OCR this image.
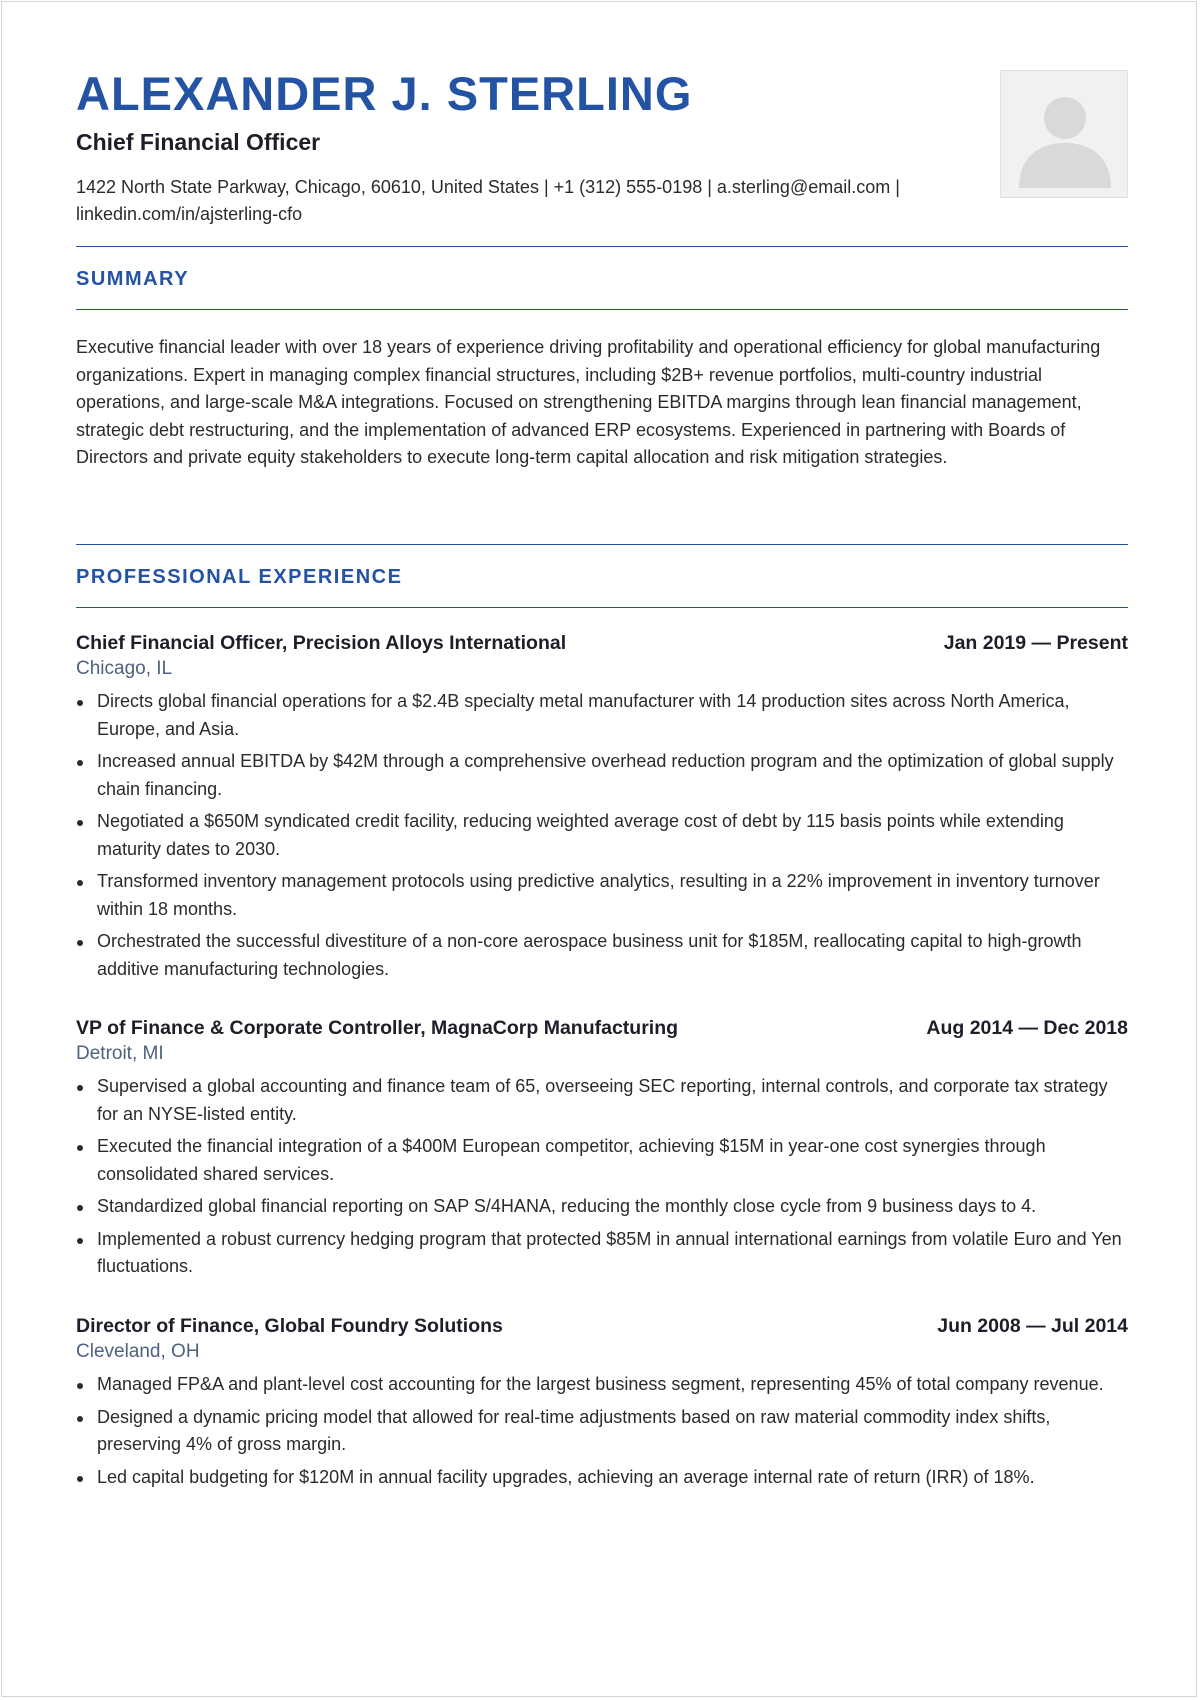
ALEXANDER J. STERLING
Chief Financial Officer
1422 North State Parkway, Chicago, 60610, United States | +1 (312) 555-0198 | a.sterling@email.com | linkedin.com/in/ajsterling-cfo
SUMMARY

Executive financial leader with over 18 years of experience driving profitability and operational efficiency for global manufacturing organizations. Expert in managing complex financial structures, including $2B+ revenue portfolios, multi-country industrial operations, and large-scale M&A integrations. Focused on strengthening EBITDA margins through lean financial management, strategic debt restructuring, and the implementation of advanced ERP ecosystems. Experienced in partnering with Boards of Directors and private equity stakeholders to execute long-term capital allocation and risk mitigation strategies.

PROFESSIONAL EXPERIENCE
Chief Financial Officer, Precision Alloys International	Jan 2019 — Present
Chicago, IL
Directs global financial operations for a $2.4B specialty metal manufacturer with 14 production sites across North America, Europe, and Asia.
Increased annual EBITDA by $42M through a comprehensive overhead reduction program and the optimization of global supply chain financing.
Negotiated a $650M syndicated credit facility, reducing weighted average cost of debt by 115 basis points while extending maturity dates to 2030.
Transformed inventory management protocols using predictive analytics, resulting in a 22% improvement in inventory turnover within 18 months.
Orchestrated the successful divestiture of a non-core aerospace business unit for $185M, reallocating capital to high-growth additive manufacturing technologies.
VP of Finance & Corporate Controller, MagnaCorp Manufacturing	Aug 2014 — Dec 2018
Detroit, MI
Supervised a global accounting and finance team of 65, overseeing SEC reporting, internal controls, and corporate tax strategy for an NYSE-listed entity.
Executed the financial integration of a $400M European competitor, achieving $15M in year-one cost synergies through consolidated shared services.
Standardized global financial reporting on SAP S/4HANA, reducing the monthly close cycle from 9 business days to 4.
Implemented a robust currency hedging program that protected $85M in annual international earnings from volatile Euro and Yen fluctuations.
Director of Finance, Global Foundry Solutions	Jun 2008 — Jul 2014
Cleveland, OH
Managed FP&A and plant-level cost accounting for the largest business segment, representing 45% of total company revenue.
Designed a dynamic pricing model that allowed for real-time adjustments based on raw material commodity index shifts, preserving 4% of gross margin.
Led capital budgeting for $120M in annual facility upgrades, achieving an average internal rate of return (IRR) of 18%.
